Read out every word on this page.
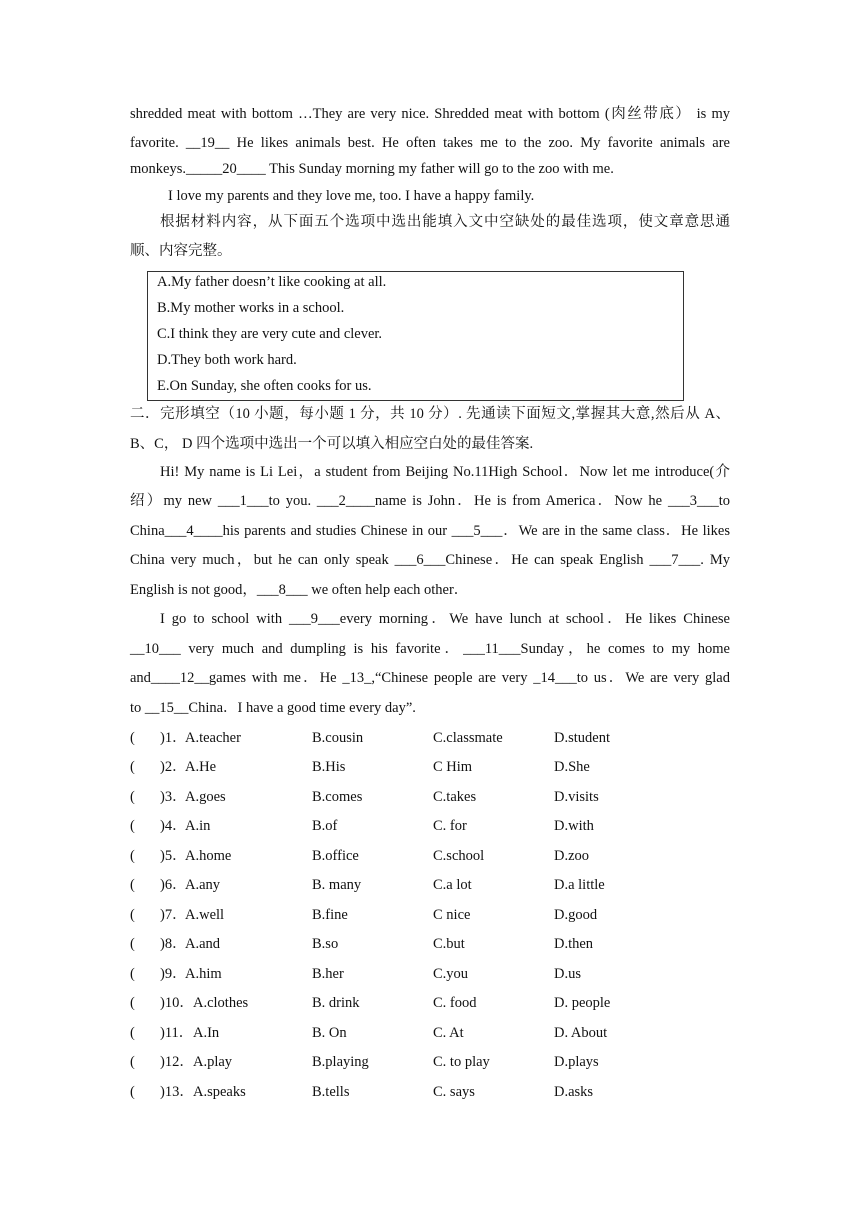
shredded meat with bottom …They are very nice. Shredded meat with bottom (肉丝带底） is my
favorite. __19__ He likes animals best. He often takes me to the zoo. My favorite animals are
monkeys._____20____ This Sunday morning my father will go to the zoo with me.
I love my parents and they love me, too. I have a happy family.
根据材料内容，从下面五个选项中选出能填入文中空缺处的最佳选项，使文章意思通
顺、内容完整。
A.My father doesn’t like cooking at all.
B.My mother works in a school.
C.I think they are very cute and clever.
D.They both work hard.
E.On Sunday, she often cooks for us.
二．完形填空（10 小题，每小题 1 分，共 10 分）. 先通读下面短文,掌握其大意,然后从 A、
B、C， D 四个选项中选出一个可以填入相应空白处的最佳答案.
Hi! My name is Li Lei，a student from Beijing No.11High School．Now let me introduce(介
绍）my new ___1___to you. ___2____name is John．He is from America．Now he ___3___to
China___4____his parents and studies Chinese in our ___5___．We are in the same class．He likes
China very much，but he can only speak ___6___Chinese．He can speak English ___7___. My
English is not good，___8___ we often help each other．
I go to school with ___9___every morning．We have lunch at school．He likes Chinese
__10___ very much and dumpling is his favorite．___11___Sunday，he comes to my home
and____12__games with me．He _13_,“Chinese people are very _14___to us．We are very glad
to __15__China．I have a good time every day”.
( )1．
A.teacher	B.cousin	C.classmate	D.student
( )2．
A.He	B.His	C Him	D.She
( )3．
A.goes	B.comes	C.takes	D.visits
( )4．
A.in	B.of	C. for	D.with
( )5．
A.home	B.office	C.school	D.zoo
( )6．
A.any	B. many	C.a lot	D.a little
( )7．
A.well	B.fine	C nice	D.good
( )8．
A.and	B.so	C.but	D.then
( )9．
A.him	B.her	C.you	D.us
( )10． A.clothes	B. drink	C. food	D. people
( )11． A.In	B. On	C. At	D. About
( )12． A.play	B.playing	C. to play	D.plays
( )13． A.speaks	B.tells	C. says	D.asks
